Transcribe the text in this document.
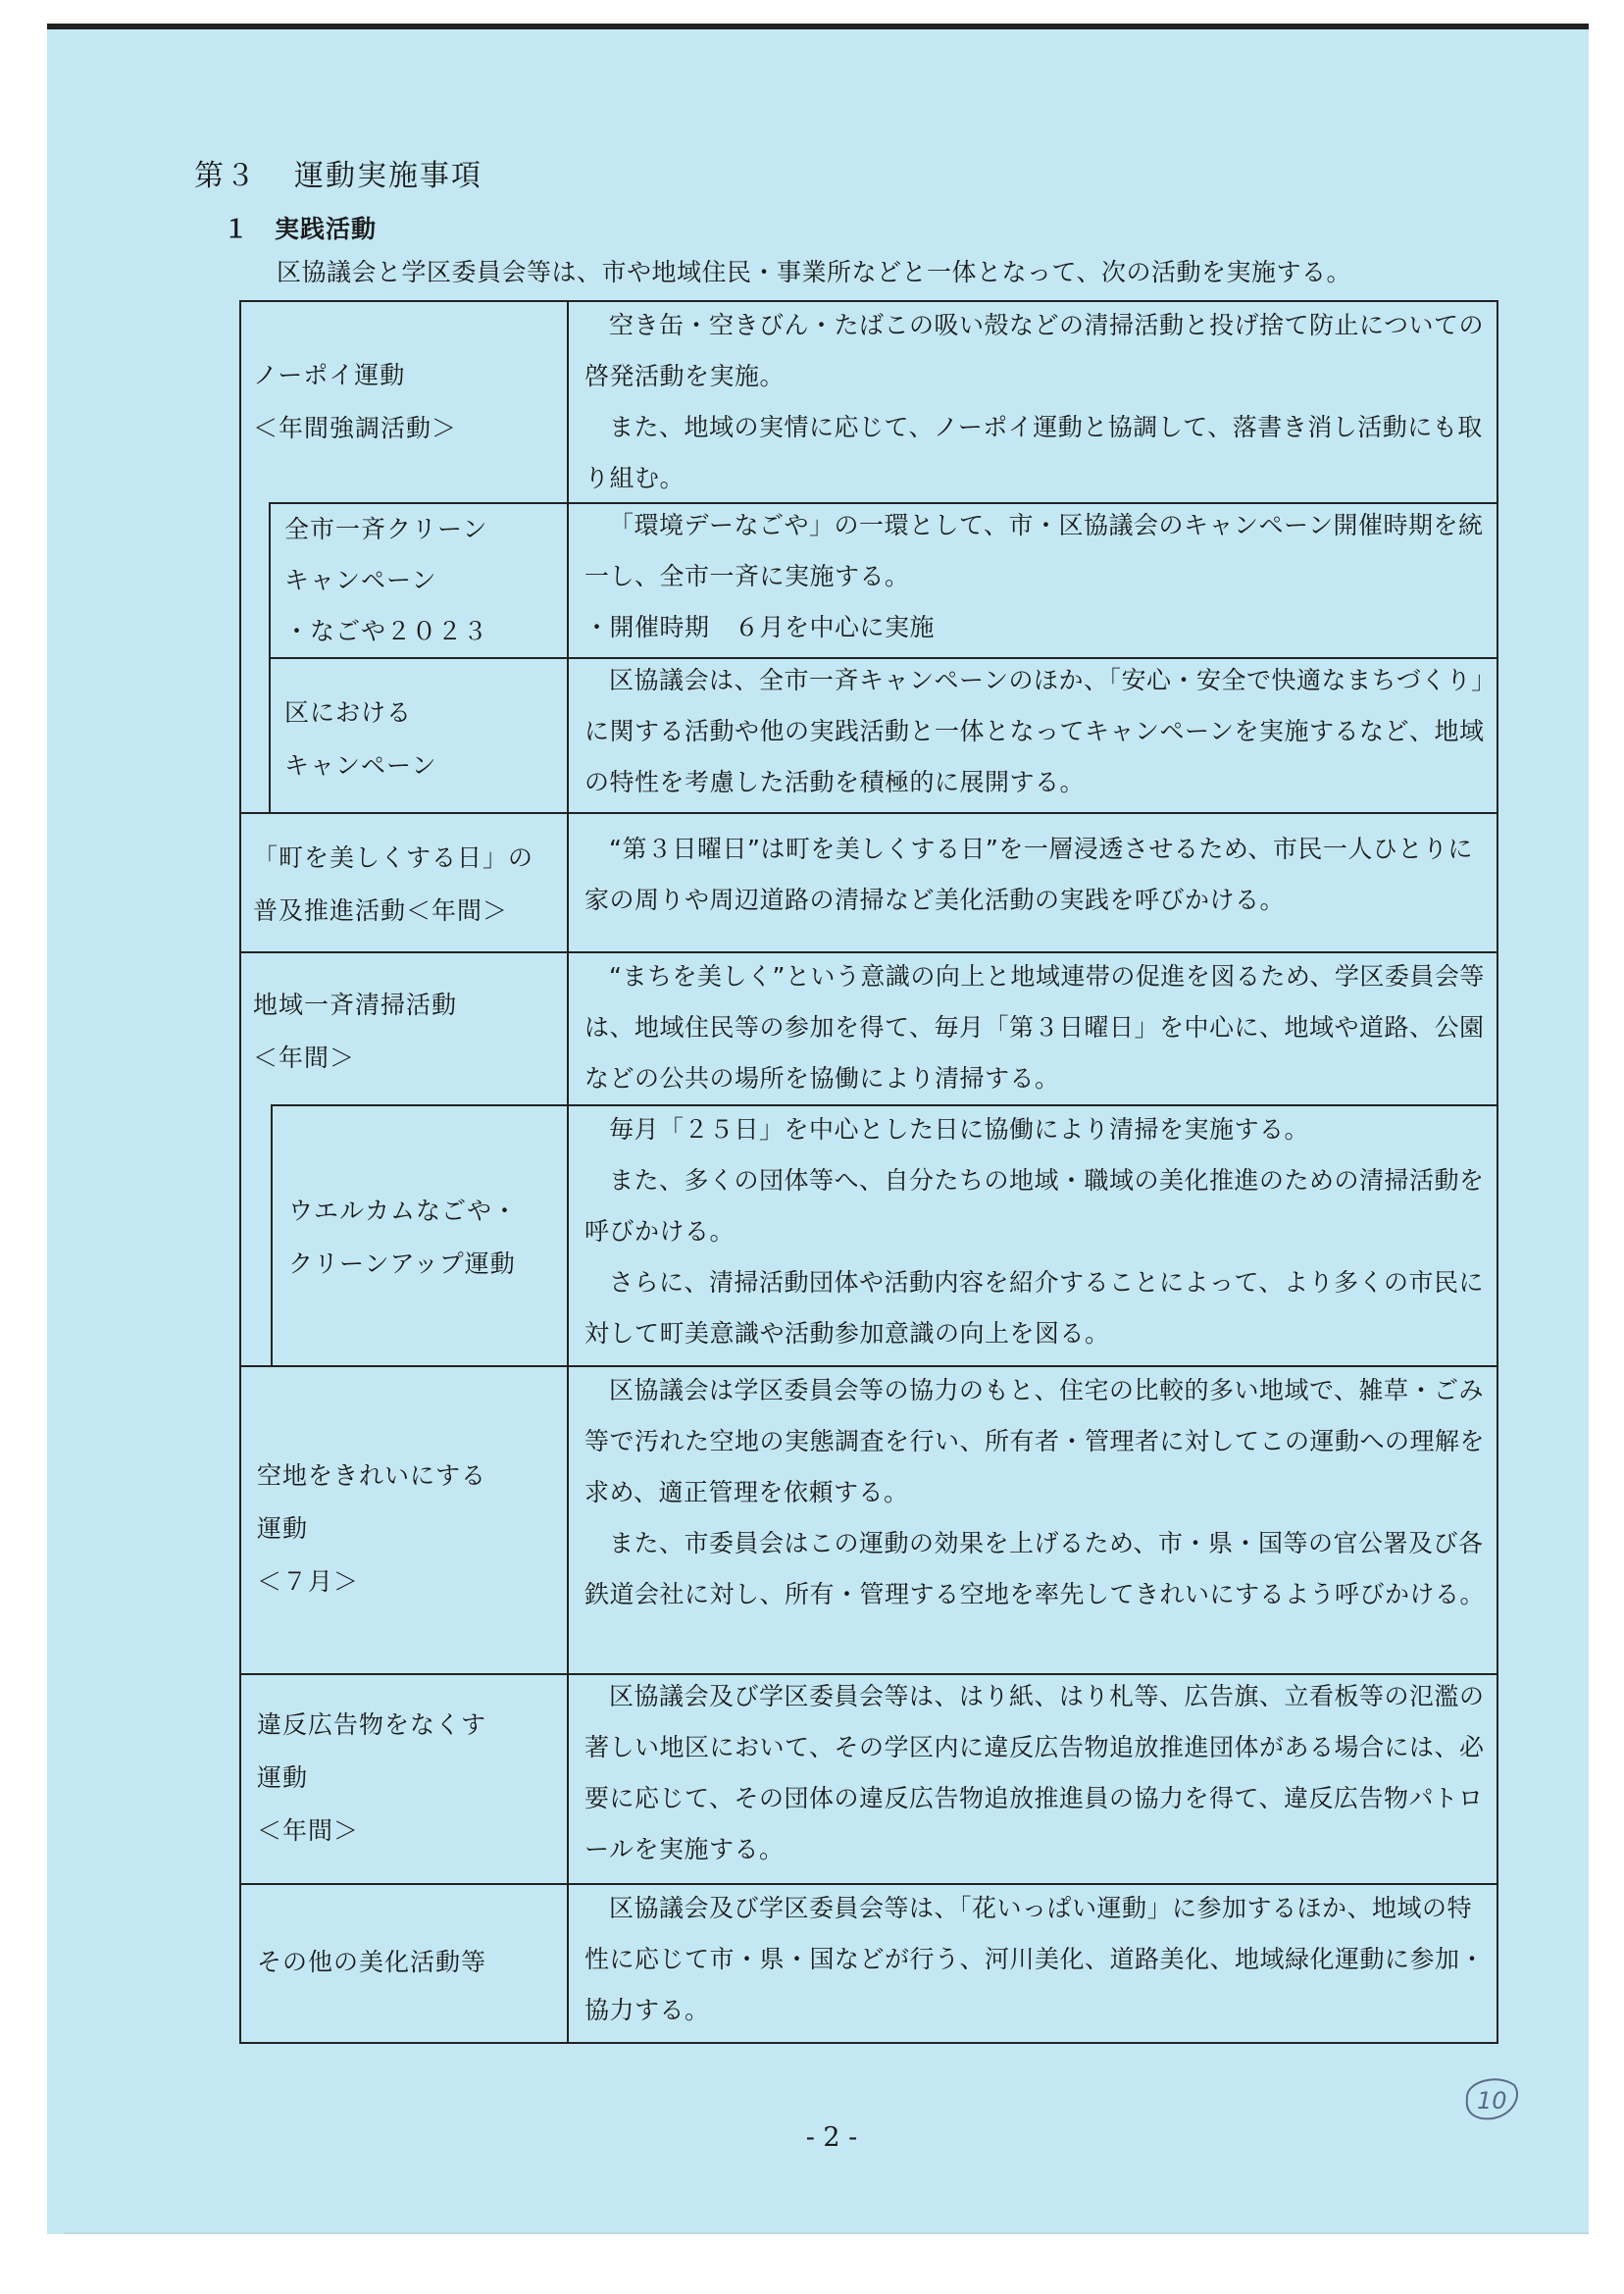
第３ 運動実施事項
１ 実践活動
区協議会と学区委員会等は、市や地域住民・事業所などと一体となって、次の活動を実施する。
ノーポイ運動
＜年間強調活動＞

空き缶・空きびん・たばこの吸い殻などの清掃活動と投げ捨て防止についての啓発活動を実施。

また、地域の実情に応じて、ノーポイ運動と協調して、落書き消し活動にも取り組む。

全市一斉クリーン
キャンペーン
・なごや２０２３

「環境デーなごや」の一環として、市・区協議会のキャンペーン開催時期を統一し、全市一斉に実施する。

・開催時期　６月を中心に実施

区における
キャンペーン

区協議会は、全市一斉キャンペーンのほか、「安心・安全で快適なまちづくり」に関する活動や他の実践活動と一体となってキャンペーンを実施するなど、地域の特性を考慮した活動を積極的に展開する。

「町を美しくする日」の
普及推進活動＜年間＞

“第３日曜日”は町を美しくする日”を一層浸透させるため、市民一人ひとりに家の周りや周辺道路の清掃など美化活動の実践を呼びかける。

地域一斉清掃活動
＜年間＞

“まちを美しく”という意識の向上と地域連帯の促進を図るため、学区委員会等は、地域住民等の参加を得て、毎月「第３日曜日」を中心に、地域や道路、公園などの公共の場所を協働により清掃する。

ウエルカムなごや・
クリーンアップ運動

毎月「２５日」を中心とした日に協働により清掃を実施する。

また、多くの団体等へ、自分たちの地域・職域の美化推進のための清掃活動を呼びかける。

さらに、清掃活動団体や活動内容を紹介することによって、より多くの市民に対して町美意識や活動参加意識の向上を図る。

空地をきれいにする
運動
＜７月＞

区協議会は学区委員会等の協力のもと、住宅の比較的多い地域で、雑草・ごみ等で汚れた空地の実態調査を行い、所有者・管理者に対してこの運動への理解を求め、適正管理を依頼する。

また、市委員会はこの運動の効果を上げるため、市・県・国等の官公署及び各鉄道会社に対し、所有・管理する空地を率先してきれいにするよう呼びかける。

違反広告物をなくす
運動
＜年間＞

区協議会及び学区委員会等は、はり紙、はり札等、広告旗、立看板等の氾濫の著しい地区において、その学区内に違反広告物追放推進団体がある場合には、必要に応じて、その団体の違反広告物追放推進員の協力を得て、違反広告物パトロールを実施する。

その他の美化活動等

区協議会及び学区委員会等は、「花いっぱい運動」に参加するほか、地域の特性に応じて市・県・国などが行う、河川美化、道路美化、地域緑化運動に参加・協力する。

- 2 -
10
